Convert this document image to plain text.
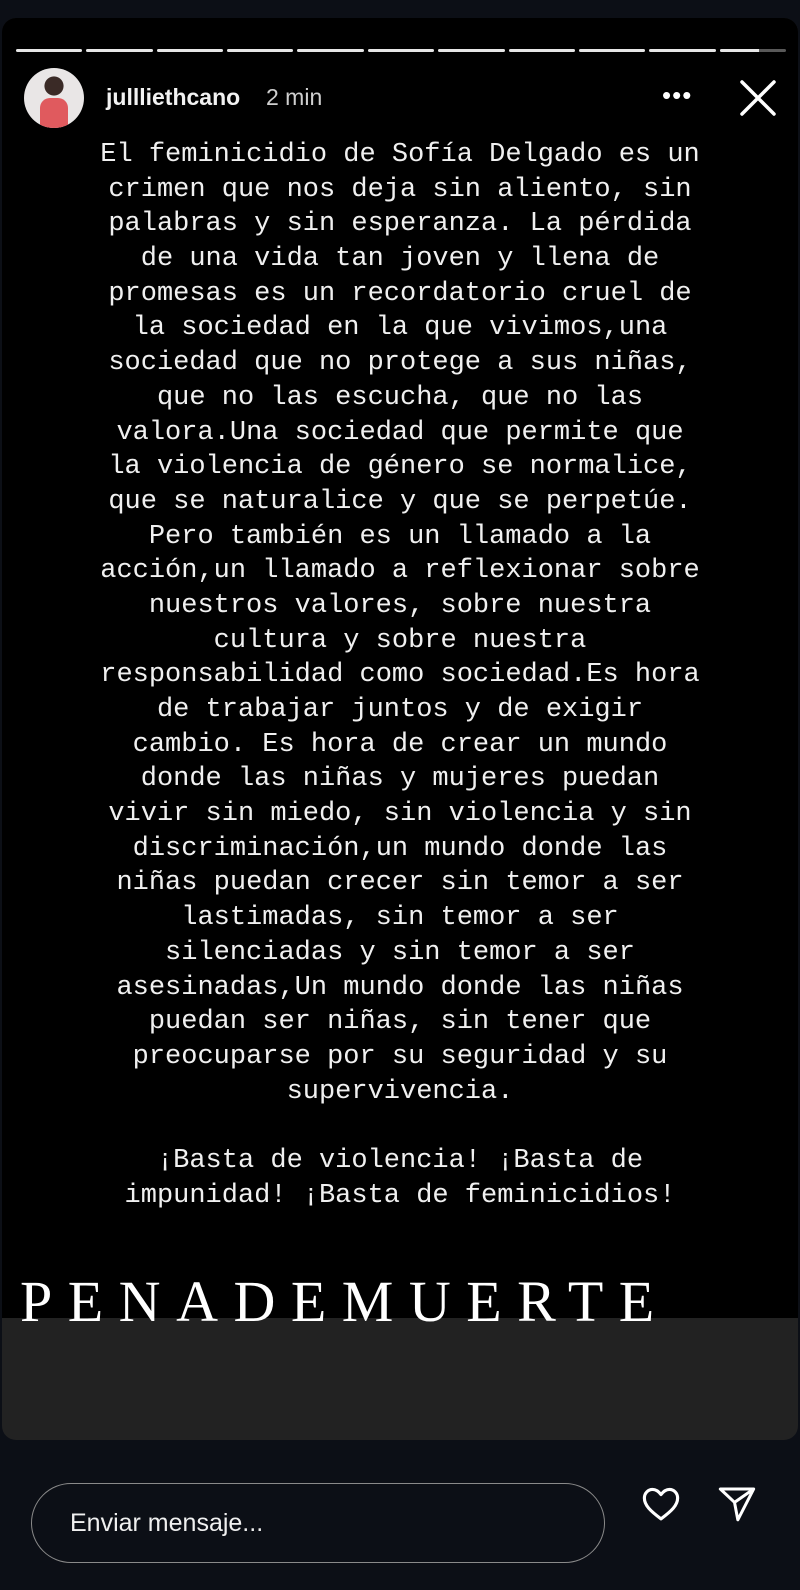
jullliethcano 2 min	•••
El feminicidio de Sofía Delgado es un
crimen que nos deja sin aliento, sin
palabras y sin esperanza. La pérdida
de una vida tan joven y llena de
promesas es un recordatorio cruel de
la sociedad en la que vivimos,una
sociedad que no protege a sus niñas,
que no las escucha, que no las
valora.Una sociedad que permite que
la violencia de género se normalice,
que se naturalice y que se perpetúe.
Pero también es un llamado a la
acción,un llamado a reflexionar sobre
nuestros valores, sobre nuestra
cultura y sobre nuestra
responsabilidad como sociedad.Es hora
de trabajar juntos y de exigir
cambio. Es hora de crear un mundo
donde las niñas y mujeres puedan
vivir sin miedo, sin violencia y sin
discriminación,un mundo donde las
niñas puedan crecer sin temor a ser
lastimadas, sin temor a ser
silenciadas y sin temor a ser
asesinadas,Un mundo donde las niñas
puedan ser niñas, sin tener que
preocuparse por su seguridad y su
supervivencia.
¡Basta de violencia! ¡Basta de
impunidad! ¡Basta de feminicidios!
PENADEMUERTE
Enviar mensaje...
